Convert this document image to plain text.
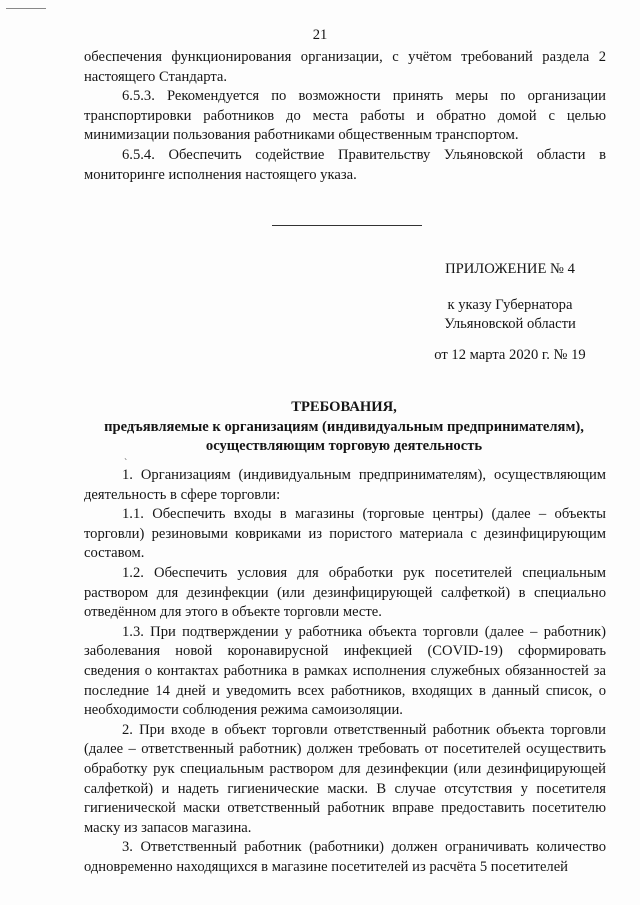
21

обеспечения функционирования организации, с учётом требований раздела 2 настоящего Стандарта.

6.5.3. Рекомендуется по возможности принять меры по организации транспортировки работников до места работы и обратно домой с целью минимизации пользования работниками общественным транспортом.

6.5.4. Обеспечить содействие Правительству Ульяновской области в мониторинге исполнения настоящего указа.

ПРИЛОЖЕНИЕ № 4
к указу Губернатора
Ульяновской области
от 12 марта 2020 г. № 19
ТРЕБОВАНИЯ,
предъявляемые к организациям (индивидуальным предпринимателям),
осуществляющим торговую деятельность
`

1. Организациям (индивидуальным предпринимателям), осуществляющим деятельность в сфере торговли:

1.1. Обеспечить входы в магазины (торговые центры) (далее – объекты торговли) резиновыми ковриками из пористого материала с дезинфицирующим составом.

1.2. Обеспечить условия для обработки рук посетителей специальным раствором для дезинфекции (или дезинфицирующей салфеткой) в специально отведённом для этого в объекте торговли месте.

1.3. При подтверждении у работника объекта торговли (далее – работник) заболевания новой коронавирусной инфекцией (COVID-19) сформировать сведения о контактах работника в рамках исполнения служебных обязанностей за последние 14 дней и уведомить всех работников, входящих в данный список, о необходимости соблюдения режима самоизоляции.

2. При входе в объект торговли ответственный работник объекта торговли (далее – ответственный работник) должен требовать от посетителей осуществить обработку рук специальным раствором для дезинфекции (или дезинфицирующей салфеткой) и надеть гигиенические маски. В случае отсутствия у посетителя гигиенической маски ответственный работник вправе предоставить посетителю маску из запасов магазина.

3. Ответственный работник (работники) должен ограничивать количество одновременно находящихся в магазине посетителей из расчёта 5 посетителей
